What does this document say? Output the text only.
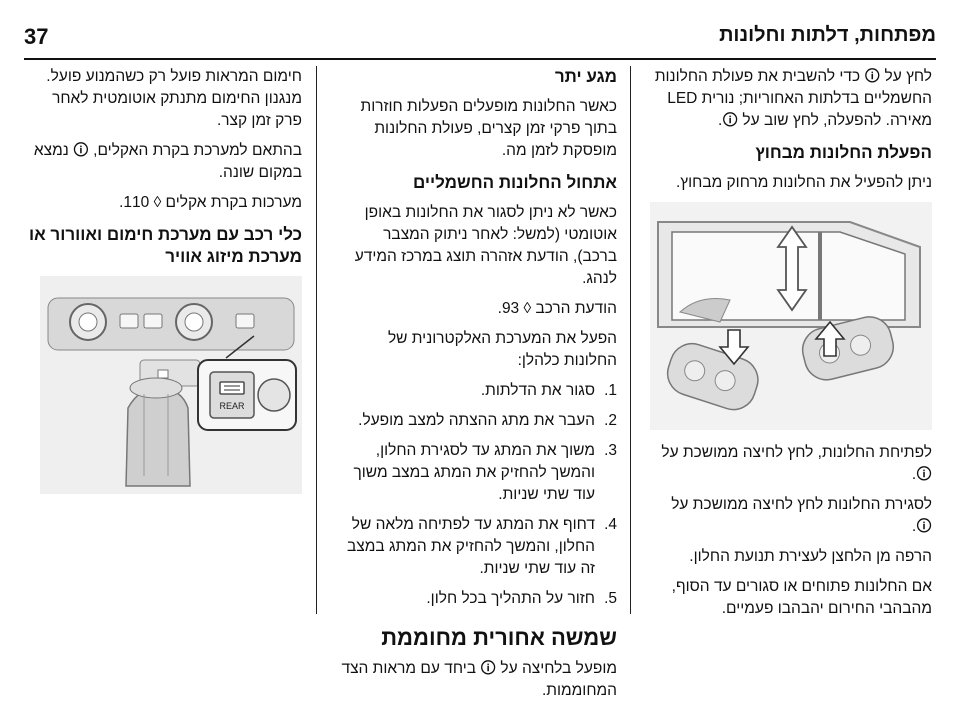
37	מפתחות, דלתות וחלונות

לחץ על 🛈 כדי להשבית את פעולת החלונות החשמליים בדלתות האחוריות; נורית LED מאירה. להפעלה, לחץ שוב על 🛈.

הפעלת החלונות מבחוץ

ניתן להפעיל את החלונות מרחוק מבחוץ.

לפתיחת החלונות, לחץ לחיצה ממושכת על 🛈.

לסגירת החלונות לחץ לחיצה ממושכת על 🛈.

הרפה מן הלחצן לעצירת תנועת החלון.

אם החלונות פתוחים או סגורים עד הסוף, מהבהבי החירום יהבהבו פעמיים.

מגע יתר

כאשר החלונות מופעלים הפעלות חוזרות בתוך פרקי זמן קצרים, פעולת החלונות מופסקת לזמן מה.

אתחול החלונות החשמליים

כאשר לא ניתן לסגור את החלונות באופן אוטומטי (למשל: לאחר ניתוק המצבר ברכב), הודעת אזהרה תוצג במרכז המידע לנהג.

הודעת הרכב ◊ 93.

הפעל את המערכת האלקטרונית של החלונות כלהלן:

1.
סגור את הדלתות.
2.
העבר את מתג ההצתה למצב מופעל.
3.
משוך את המתג עד לסגירת החלון, והמשך להחזיק את המתג במצב משוך עוד שתי שניות.
4.
דחוף את המתג עד לפתיחה מלאה של החלון, והמשך להחזיק את המתג במצב זה עוד שתי שניות.
5.
חזור על התהליך בכל חלון.
שמשה אחורית מחוממת

מופעל בלחיצה על 🛈 ביחד עם מראות הצד המחוממות.

חימום המראות פועל רק כשהמנוע פועל. מנגנון החימום מתנתק אוטומטית לאחר פרק זמן קצר.

בהתאם למערכת בקרת האקלים, 🛈 נמצא במקום שונה.

מערכות בקרת אקלים ◊ 110.

כלי רכב עם מערכת חימום ואוורור או מערכת מיזוג אוויר
REAR
